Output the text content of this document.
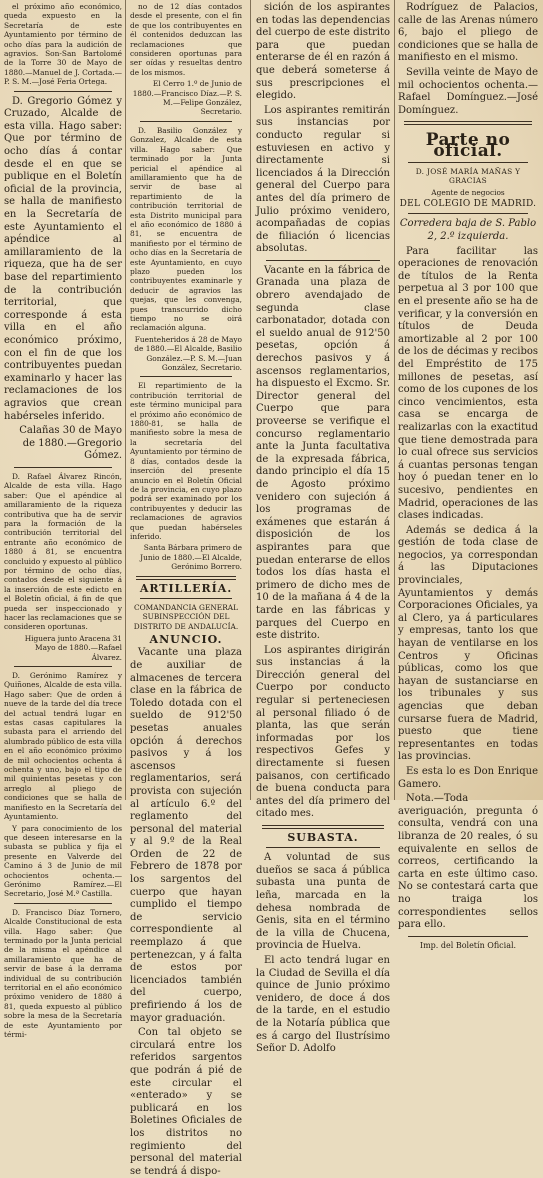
el próximo año económico, queda expuesto en la Secretaría de este Ayuntamiento por término de ocho días para la audición de agravios. Son-San Bartolomé de la Torre 30 de Mayo de 1880.—Manuel de J. Cortada.—P. S. M.—José Feria Ortega.

D. Gregorio Gómez y Cruzado, Alcalde de esta villa. Hago saber: Que por término de ocho días á contar desde el en que se publique en el Boletín oficial de la provincia, se halla de manifiesto en la Secretaría de este Ayuntamiento el apéndice al amillaramiento de la riqueza, que ha de ser base del repartimiento de la contribución territorial, que corresponde á esta villa en el año económico próximo, con el fin de que los contribuyentes puedan examinarlo y hacer las reclamaciones de los agravios que crean habérseles inferido.

Calañas 30 de Mayo de 1880.—Gregorio Gómez.

D. Rafael Álvarez Rincón, Alcalde de esta villa. Hago saber: Que el apéndice al amillaramiento de la riqueza contributiva que ha de servir para la formación de la contribución territorial del entrante año económico de 1880 á 81, se encuentra concluido y expuesto al público por término de ocho días, contados desde el siguiente á la inserción de este edicto en el Boletín oficial, á fin de que pueda ser inspeccionado y hacer las reclamaciones que se consideren oportunas.

Higuera junto Aracena 31 Mayo de 1880.—Rafael Álvarez.

D. Gerónimo Ramírez y Quiñones, Alcalde de esta villa. Hago saber: Que de orden á nueve de la tarde del día trece del actual tendrá lugar en estas casas capitulares la subasta para el arriendo del alumbrado público de esta villa en el año económico próximo de mil ochocientos ochenta á ochenta y uno, bajo el tipo de mil quinientas pesetas y con arreglo al pliego de condiciones que se halla de manifiesto en la Secretaría del Ayuntamiento.

Y para conocimiento de los que deseen interesarse en la subasta se publica y fija el presente en Valverde del Camino á 3 de Junio de mil ochocientos ochenta.—Gerónimo Ramírez.—El Secretario, José M.ª Castilla.

D. Francisco Díaz Tornero, Alcalde Constitucional de esta villa. Hago saber: Que terminado por la Junta pericial de la misma el apéndice al amillaramiento que ha de servir de base á la derrama individual de su contribución territorial en el año económico próximo venidero de 1880 á 81, queda expuesto al público sobre la mesa de la Secretaría de este Ayuntamiento por térmi-

no de 12 días contados desde el presente, con el fin de que los contribuyentes en él contenidos deduzcan las reclamaciones que consideren oportunas para ser oídas y resueltas dentro de los mismos.

El Cerro 1.º de Junio de 1880.—Francisco Díaz.—P. S. M.—Felipe González, Secretario.

D. Basilio González y Gonzalez, Alcalde de esta villa. Hago saber: Que terminado por la Junta pericial el apéndice al amillaramiento que ha de servir de base al repartimiento de la contribución territorial de esta Distrito municipal para el año económico de 1880 á 81, se encuentra de manifiesto por el término de ocho días en la Secretaría de este Ayuntamiento, en cuyo plazo pueden los contribuyentes examinarle y deducir de agravios las quejas, que les convenga, pues transcurrido dicho tiempo no se oirá reclamación alguna.

Fuenteheridos á 28 de Mayo de 1880.—El Alcalde, Basilio González.—P. S. M.—Juan González, Secretario.

El repartimiento de la contribución territorial de este término municipal para el próximo año económico de 1880-81, se halla de manifiesto sobre la mesa de la secretaría del Ayuntamiento por término de 8 días, contados desde la inserción del presente anuncio en el Boletín Oficial de la provincia, en cuyo plazo podrá ser examinado por los contribuyentes y deducir las reclamaciones de agravios que puedan habérseles inferido.

Santa Bárbara primero de Junio de 1880.—El Alcalde, Gerónimo Borrero.

ARTILLERÍA.

COMANDANCIA GENERAL SUBINSPECCIÓN DEL DISTRITO DE ANDALUCÍA.

ANUNCIO.

Vacante una plaza de auxiliar de almacenes de tercera clase en la fábrica de Toledo dotada con el sueldo de 912'50 pesetas anuales opción á derechos pasivos y á los ascensos reglamentarios, será provista con sujeción al artículo 6.º del reglamento del personal del material y al 9.º de la Real Orden de 22 de Febrero de 1878 por los sargentos del cuerpo que hayan cumplido el tiempo de servicio correspondiente al reemplazo á que pertenezcan, y á falta de estos por licenciados también del cuerpo, prefiriendo á los de mayor graduación.

Con tal objeto se circulará entre los referidos sargentos que podrán á pié de este circular el «enterado» y se publicará en los Boletines Oficiales de los distritos no regimiento del personal del material se tendrá á dispo-

sición de los aspirantes en todas las dependencias del cuerpo de este distrito para que puedan enterarse de él en razón á que deberá someterse á sus prescripciones el elegido.

Los aspirantes remitirán sus instancias por conducto regular si estuviesen en activo y directamente si licenciados á la Dirección general del Cuerpo para antes del día primero de Julio próximo venidero, acompañadas de copias de filiación ó licencias absolutas.

Vacante en la fábrica de Granada una plaza de obrero avendajado de segunda clase carbonatador, dotada con el sueldo anual de 912'50 pesetas, opción á derechos pasivos y á ascensos reglamentarios, ha dispuesto el Excmo. Sr. Director general del Cuerpo que para proveerse se verifique el concurso reglamentario ante la Junta facultativa de la expresada fábrica, dando principio el día 15 de Agosto próximo venidero con sujeción á los programas de exámenes que estarán á disposición de los aspirantes para que puedan enterarse de ellos todos los días hasta el primero de dicho mes de 10 de la mañana á 4 de la tarde en las fábricas y parques del Cuerpo en este distrito.

Los aspirantes dirigirán sus instancias á la Dirección general del Cuerpo por conducto regular si perteneciesen al personal filiado ó de planta, las que serán informadas por los respectivos Gefes y directamente si fuesen paisanos, con certificado de buena conducta para antes del día primero del citado mes.

SUBASTA.

A voluntad de sus dueños se saca á pública subasta una punta de leña, marcada en la dehesa nombrada de Genis, sita en el término de la villa de Chucena, provincia de Huelva.

El acto tendrá lugar en la Ciudad de Sevilla el día quince de Junio próximo venidero, de doce á dos de la tarde, en el estudio de la Notaría pública que es á cargo del Ilustrísimo Señor D. Adolfo

Rodríguez de Palacios, calle de las Arenas número 6, bajo el pliego de condiciones que se halla de manifiesto en el mismo.

Sevilla veinte de Mayo de mil ochocientos ochenta.—Rafael Domínguez.—José Domínguez.

Parte no oficial.

D. JOSÉ MARÍA MAÑAS Y GRACIAS

Agente de negocios

DEL COLEGIO DE MADRID.

Corredera baja de S. Pablo 2, 2.º izquierda.

Para facilitar las operaciones de renovación de títulos de la Renta perpetua al 3 por 100 que en el presente año se ha de verificar, y la conversión en títulos de Deuda amortizable al 2 por 100 de los de décimas y recibos del Empréstito de 175 millones de pesetas, así como de los cupones de los cinco vencimientos, esta casa se encarga de realizarlas con la exactitud que tiene demostrada para lo cual ofrece sus servicios á cuantas personas tengan hoy ó puedan tener en lo sucesivo, pendientes en Madrid, operaciones de las clases indicadas.

Además se dedica á la gestión de toda clase de negocios, ya correspondan á las Diputaciones provinciales, Ayuntamientos y demás Corporaciones Oficiales, ya al Clero, ya á particulares y empresas, tanto los que hayan de ventilarse en los Centros y Oficinas públicas, como los que hayan de sustanciarse en los tribunales y sus agencias que deban cursarse fuera de Madrid, puesto que tiene representantes en todas las provincias.

Es esta lo es Don Enrique Gamero.

Nota.—Toda averiguación, pregunta ó consulta, vendrá con una libranza de 20 reales, ó su equivalente en sellos de correos, certificando la carta en este último caso. No se contestará carta que no traiga los correspondientes sellos para ello.

Imp. del Boletín Oficial.
